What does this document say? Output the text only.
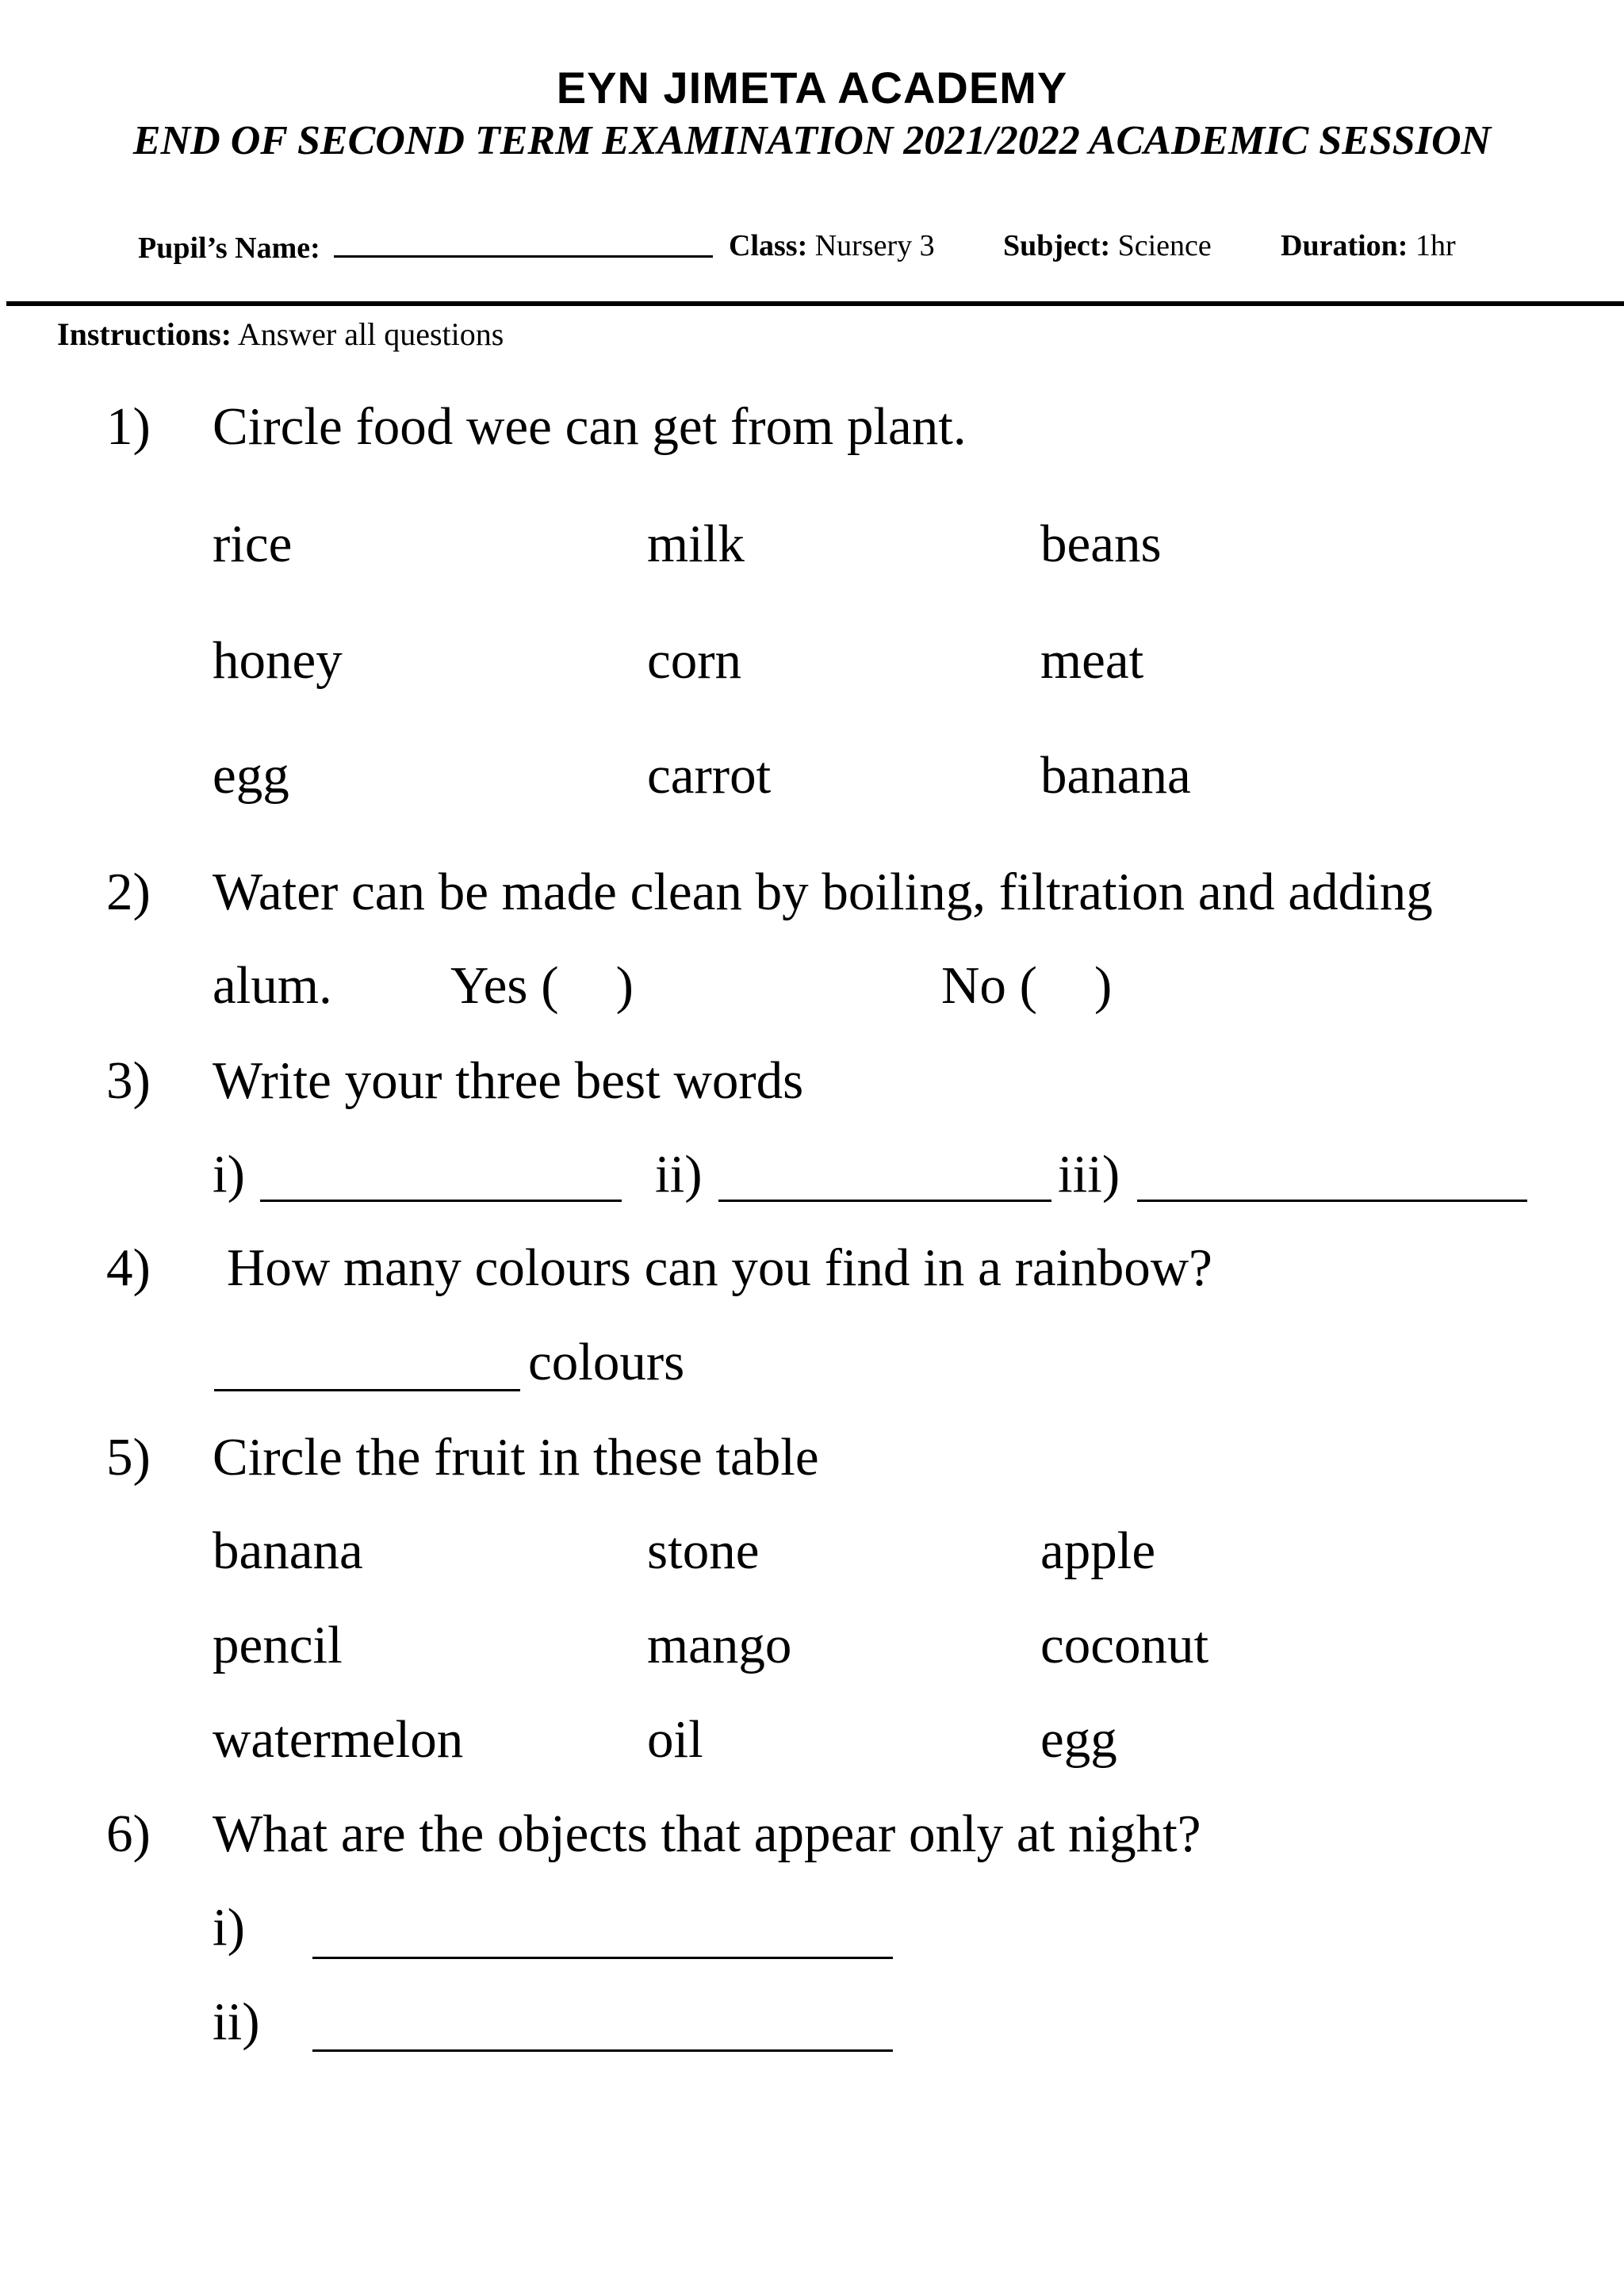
EYN JIMETA ACADEMY
END OF SECOND TERM EXAMINATION 2021/2022 ACADEMIC SESSION
Pupil’s Name:	Class: Nursery 3 Subject: Science Duration: 1hr
Instructions: Answer all questions
1) Circle food wee can get from plant.
rice	milk	beans
honey	corn	meat
egg	carrot	banana
2) Water can be made clean by boiling, filtration and adding
alum. Yes ( )	No ( )
3) Write your three best words
i)	ii)	iii)
4) How many colours can you find in a rainbow?
colours
5) Circle the fruit in these table
banana	stone	apple
pencil	mango	coconut
watermelon	oil	egg
6) What are the objects that appear only at night?
i)
ii)
